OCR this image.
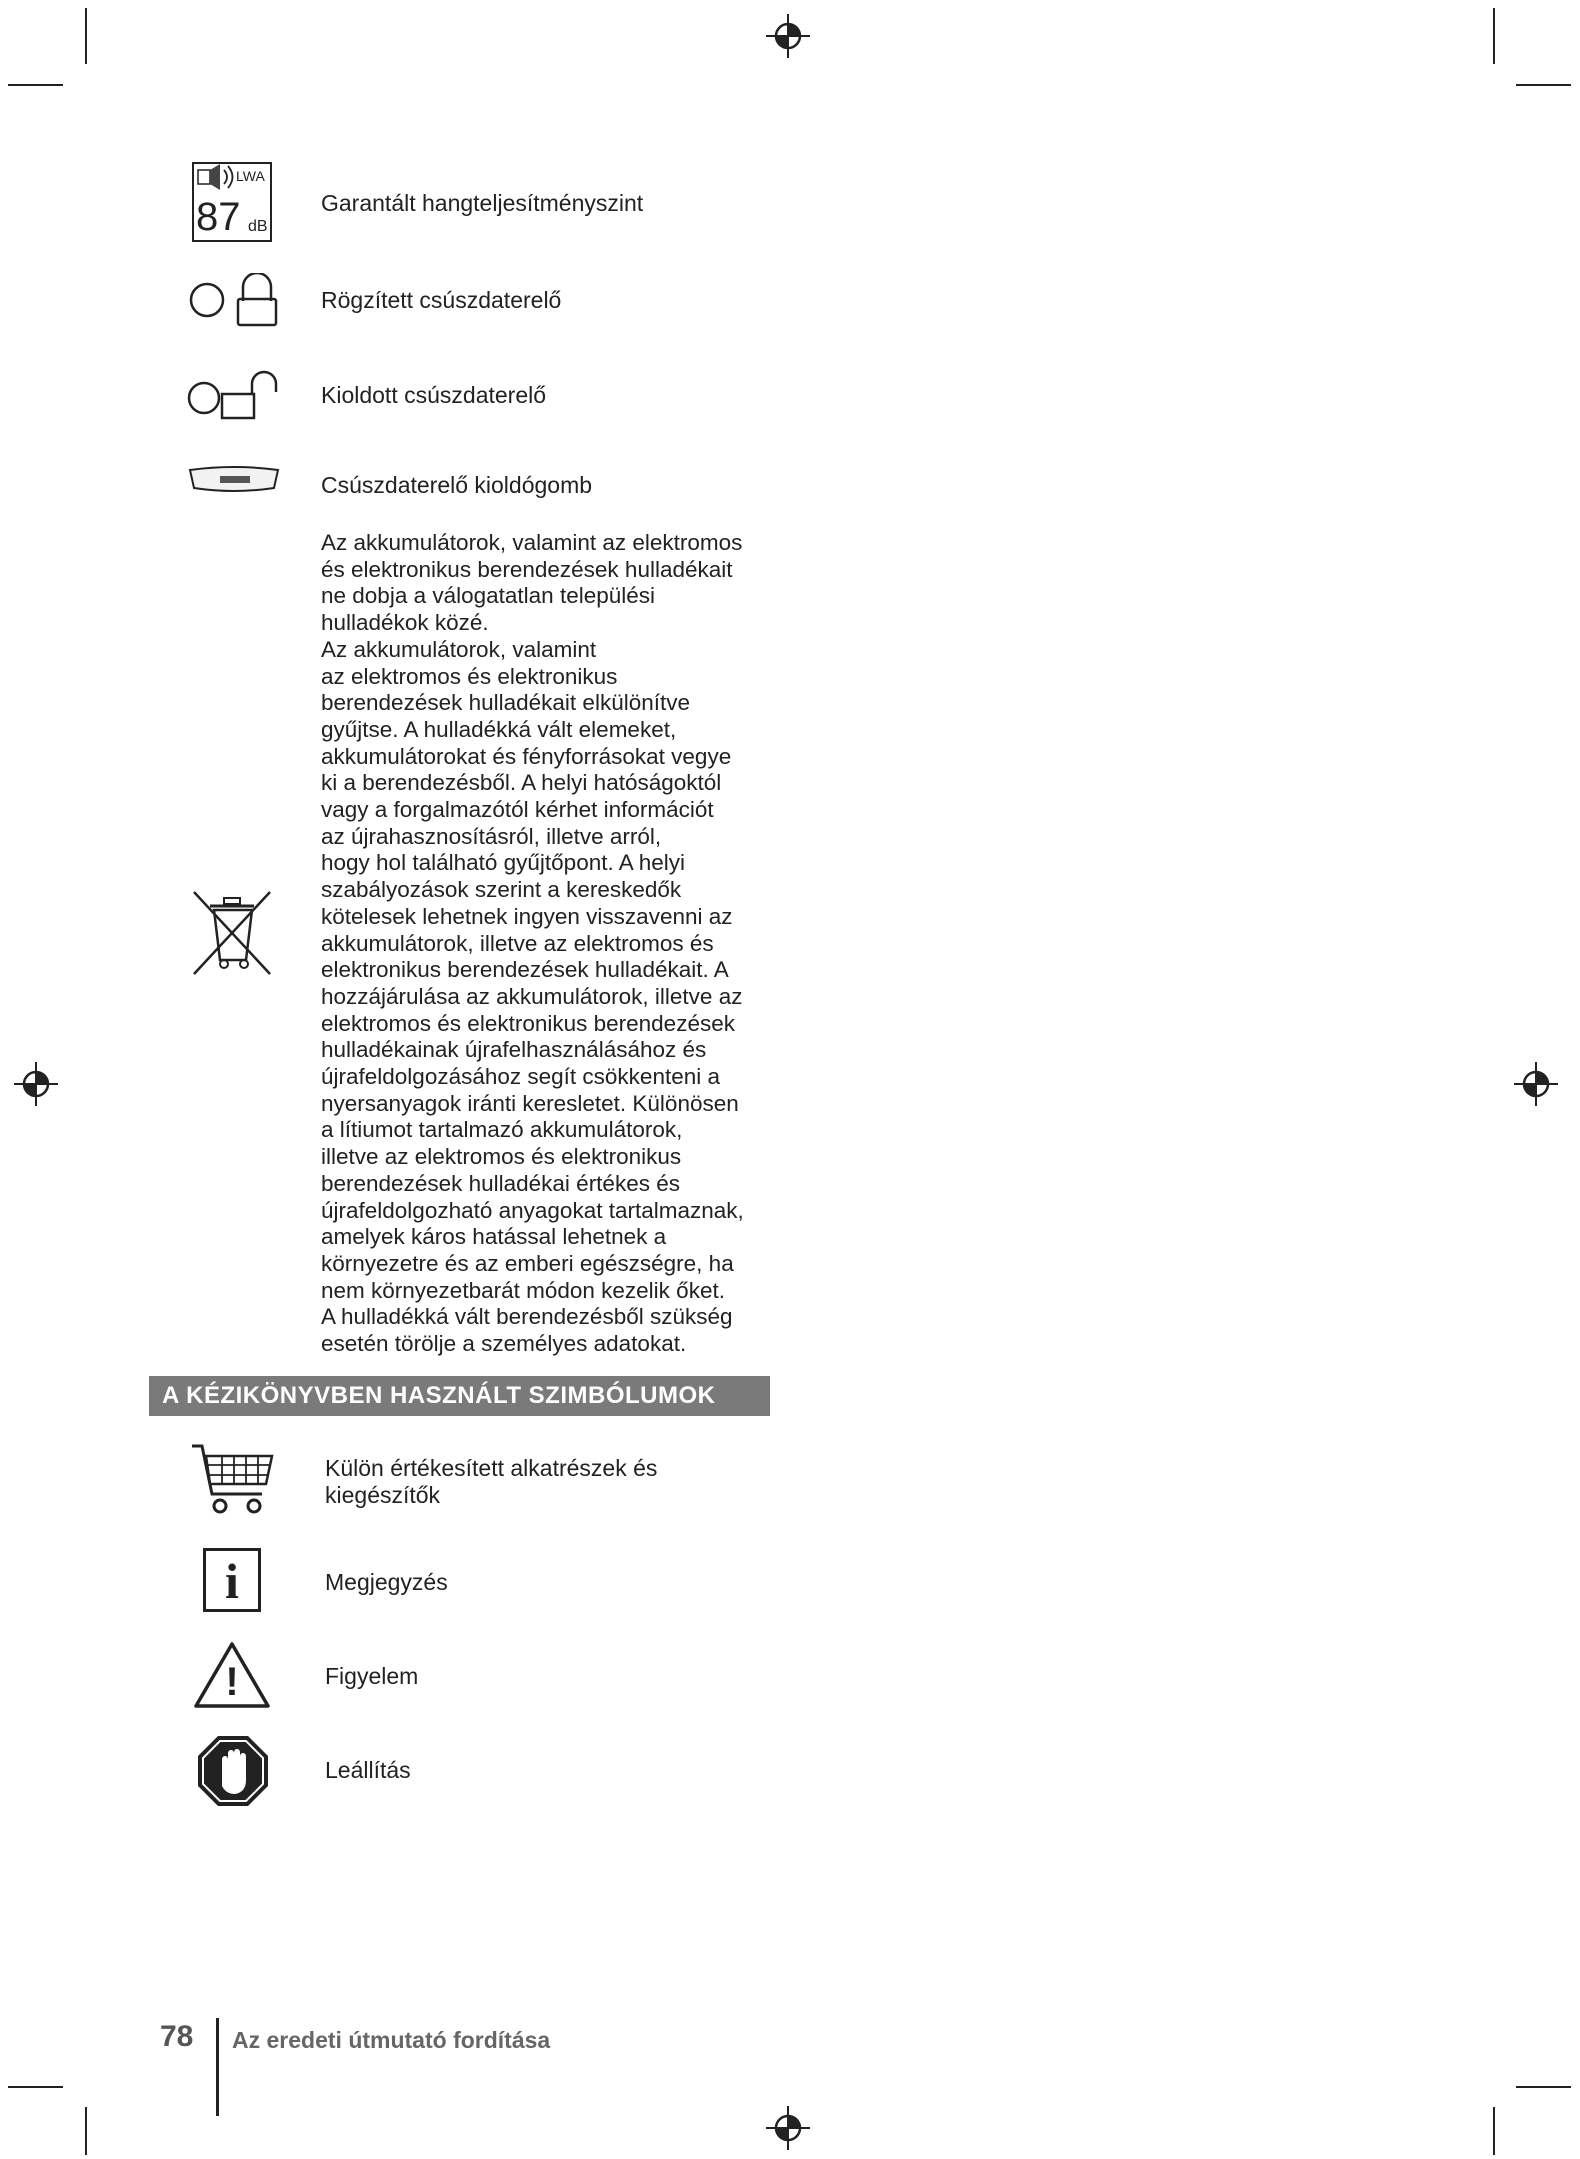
LWA
87 dB
Garantált hangteljesítményszint
Rögzített csúszdaterelő
Kioldott csúszdaterelő
Csúszdaterelő kioldógomb
Az akkumulátorok, valamint az elektromos
és elektronikus berendezések hulladékait
ne dobja a válogatatlan települési
hulladékok közé.
Az akkumulátorok, valamint
az elektromos és elektronikus
berendezések hulladékait elkülönítve
gyűjtse. A hulladékká vált elemeket,
akkumulátorokat és fényforrásokat vegye
ki a berendezésből. A helyi hatóságoktól
vagy a forgalmazótól kérhet információt
az újrahasznosításról, illetve arról,
hogy hol található gyűjtőpont. A helyi
szabályozások szerint a kereskedők
kötelesek lehetnek ingyen visszavenni az
akkumulátorok, illetve az elektromos és
elektronikus berendezések hulladékait. A
hozzájárulása az akkumulátorok, illetve az
elektromos és elektronikus berendezések
hulladékainak újrafelhasználásához és
újrafeldolgozásához segít csökkenteni a
nyersanyagok iránti keresletet. Különösen
a lítiumot tartalmazó akkumulátorok,
illetve az elektromos és elektronikus
berendezések hulladékai értékes és
újrafeldolgozható anyagokat tartalmaznak,
amelyek káros hatással lehetnek a
környezetre és az emberi egészségre, ha
nem környezetbarát módon kezelik őket.
A hulladékká vált berendezésből szükség
esetén törölje a személyes adatokat.
A KÉZIKÖNYVBEN HASZNÁLT SZIMBÓLUMOK
Külön értékesített alkatrészek és
kiegészítők
i	Megjegyzés
!	Figyelem
Leállítás
78 Az eredeti útmutató fordítása
